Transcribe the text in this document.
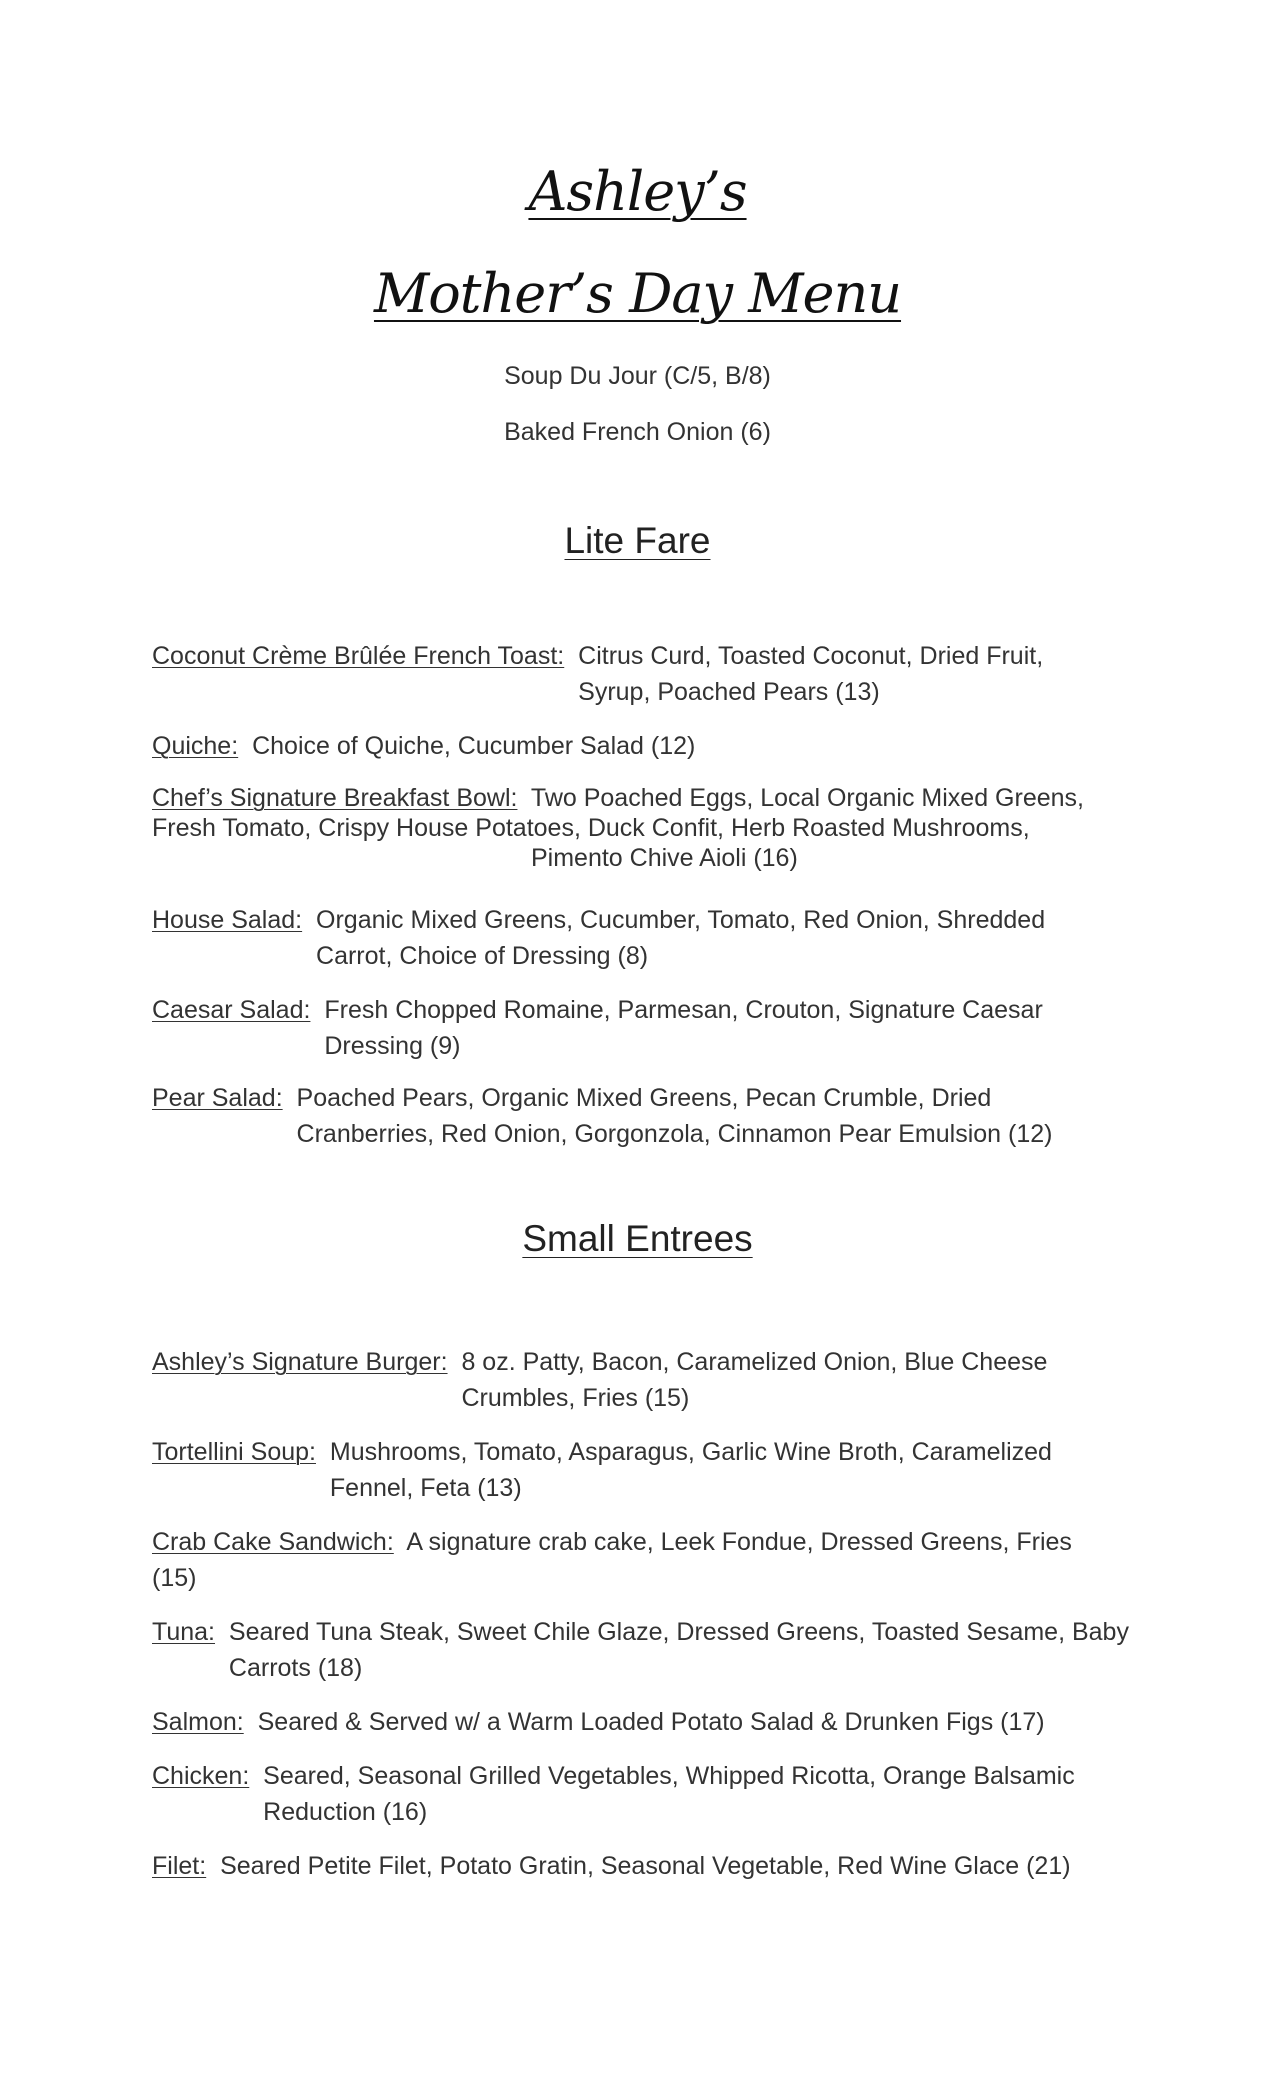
Ashley’s
Mother’s Day Menu
Soup Du Jour (C/5, B/8)
Baked French Onion (6)
Lite Fare
Coconut Crème Brûlée French Toast: Citrus Curd, Toasted Coconut, Dried Fruit,
Syrup, Poached Pears (13)
Quiche: Choice of Quiche, Cucumber Salad (12)
Chef’s Signature Breakfast Bowl: Two Poached Eggs, Local Organic Mixed Greens,
Fresh Tomato, Crispy House Potatoes, Duck Confit, Herb Roasted Mushrooms,
Pimento Chive Aioli (16)
House Salad: Organic Mixed Greens, Cucumber, Tomato, Red Onion, Shredded
Carrot, Choice of Dressing (8)
Caesar Salad: Fresh Chopped Romaine, Parmesan, Crouton, Signature Caesar
Dressing (9)
Pear Salad: Poached Pears, Organic Mixed Greens, Pecan Crumble, Dried
Cranberries, Red Onion, Gorgonzola, Cinnamon Pear Emulsion (12)
Small Entrees
Ashley’s Signature Burger: 8 oz. Patty, Bacon, Caramelized Onion, Blue Cheese
Crumbles, Fries (15)
Tortellini Soup: Mushrooms, Tomato, Asparagus, Garlic Wine Broth, Caramelized
Fennel, Feta (13)
Crab Cake Sandwich: A signature crab cake, Leek Fondue, Dressed Greens, Fries
(15)
Tuna: Seared Tuna Steak, Sweet Chile Glaze, Dressed Greens, Toasted Sesame, Baby
Carrots (18)
Salmon: Seared & Served w/ a Warm Loaded Potato Salad & Drunken Figs (17)
Chicken: Seared, Seasonal Grilled Vegetables, Whipped Ricotta, Orange Balsamic
Reduction (16)
Filet: Seared Petite Filet, Potato Gratin, Seasonal Vegetable, Red Wine Glace (21)
